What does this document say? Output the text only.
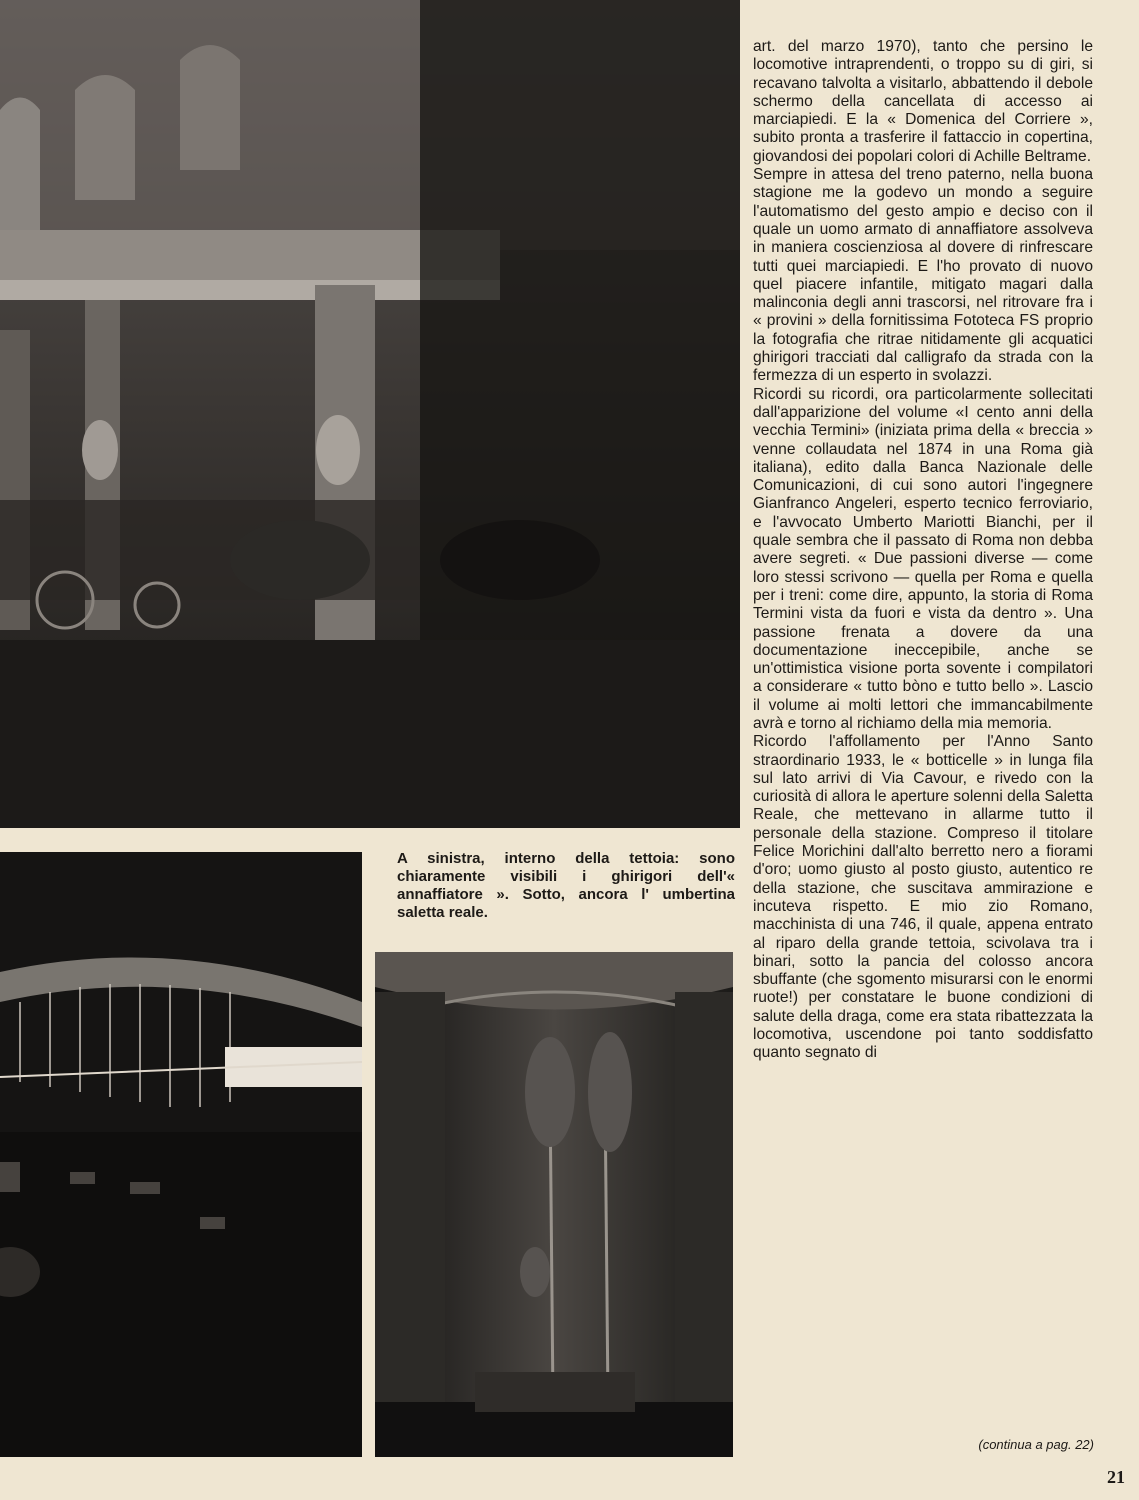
A sinistra, interno della tettoia: sono chiaramente visibili i ghirigori dell'« annaffiatore ». Sotto, ancora l' umbertina saletta reale.

art. del marzo 1970), tanto che persino le locomotive intraprendenti, o troppo su di giri, si recavano talvolta a visitarlo, abbattendo il debole schermo della cancellata di accesso ai marciapiedi. E la « Domenica del Corriere », subito pronta a trasferire il fattaccio in copertina, giovandosi dei popolari colori di Achille Beltrame.

Sempre in attesa del treno paterno, nella buona stagione me la godevo un mondo a seguire l'automatismo del gesto ampio e deciso con il quale un uomo armato di annaffiatore assolveva in maniera coscienziosa al dovere di rinfrescare tutti quei marciapiedi. E l'ho provato di nuovo quel piacere infantile, mitigato magari dalla malinconia degli anni trascorsi, nel ritrovare fra i « provini » della fornitissima Fototeca FS proprio la fotografia che ritrae nitidamente gli acquatici ghirigori tracciati dal calligrafo da strada con la fermezza di un esperto in svolazzi.

Ricordi su ricordi, ora particolarmente sollecitati dall'apparizione del volume «I cento anni della vecchia Termini» (iniziata prima della « breccia » venne collaudata nel 1874 in una Roma già italiana), edito dalla Banca Nazionale delle Comunicazioni, di cui sono autori l'ingegnere Gianfranco Angeleri, esperto tecnico ferroviario, e l'avvocato Umberto Mariotti Bianchi, per il quale sembra che il passato di Roma non debba avere segreti. « Due passioni diverse — come loro stessi scrivono — quella per Roma e quella per i treni: come dire, appunto, la storia di Roma Termini vista da fuori e vista da dentro ». Una passione frenata a dovere da una documentazione ineccepibile, anche se un'ottimistica visione porta sovente i compilatori a considerare « tutto bòno e tutto bello ». Lascio il volume ai molti lettori che immancabilmente avrà e torno al richiamo della mia memoria.

Ricordo l'affollamento per l'Anno Santo straordinario 1933, le « botticelle » in lunga fila sul lato arrivi di Via Cavour, e rivedo con la curiosità di allora le aperture solenni della Saletta Reale, che mettevano in allarme tutto il personale della stazione. Compreso il titolare Felice Morichini dall'alto berretto nero a fiorami d'oro; uomo giusto al posto giusto, autentico re della stazione, che suscitava ammirazione e incuteva rispetto. E mio zio Romano, macchinista di una 746, il quale, appena entrato al riparo della grande tettoia, scivolava tra i binari, sotto la pancia del colosso ancora sbuffante (che sgomento misurarsi con le enormi ruote!) per constatare le buone condizioni di salute della draga, come era stata ribattezzata la locomotiva, uscendone poi tanto soddisfatto quanto segnato di

(continua a pag. 22)
21
